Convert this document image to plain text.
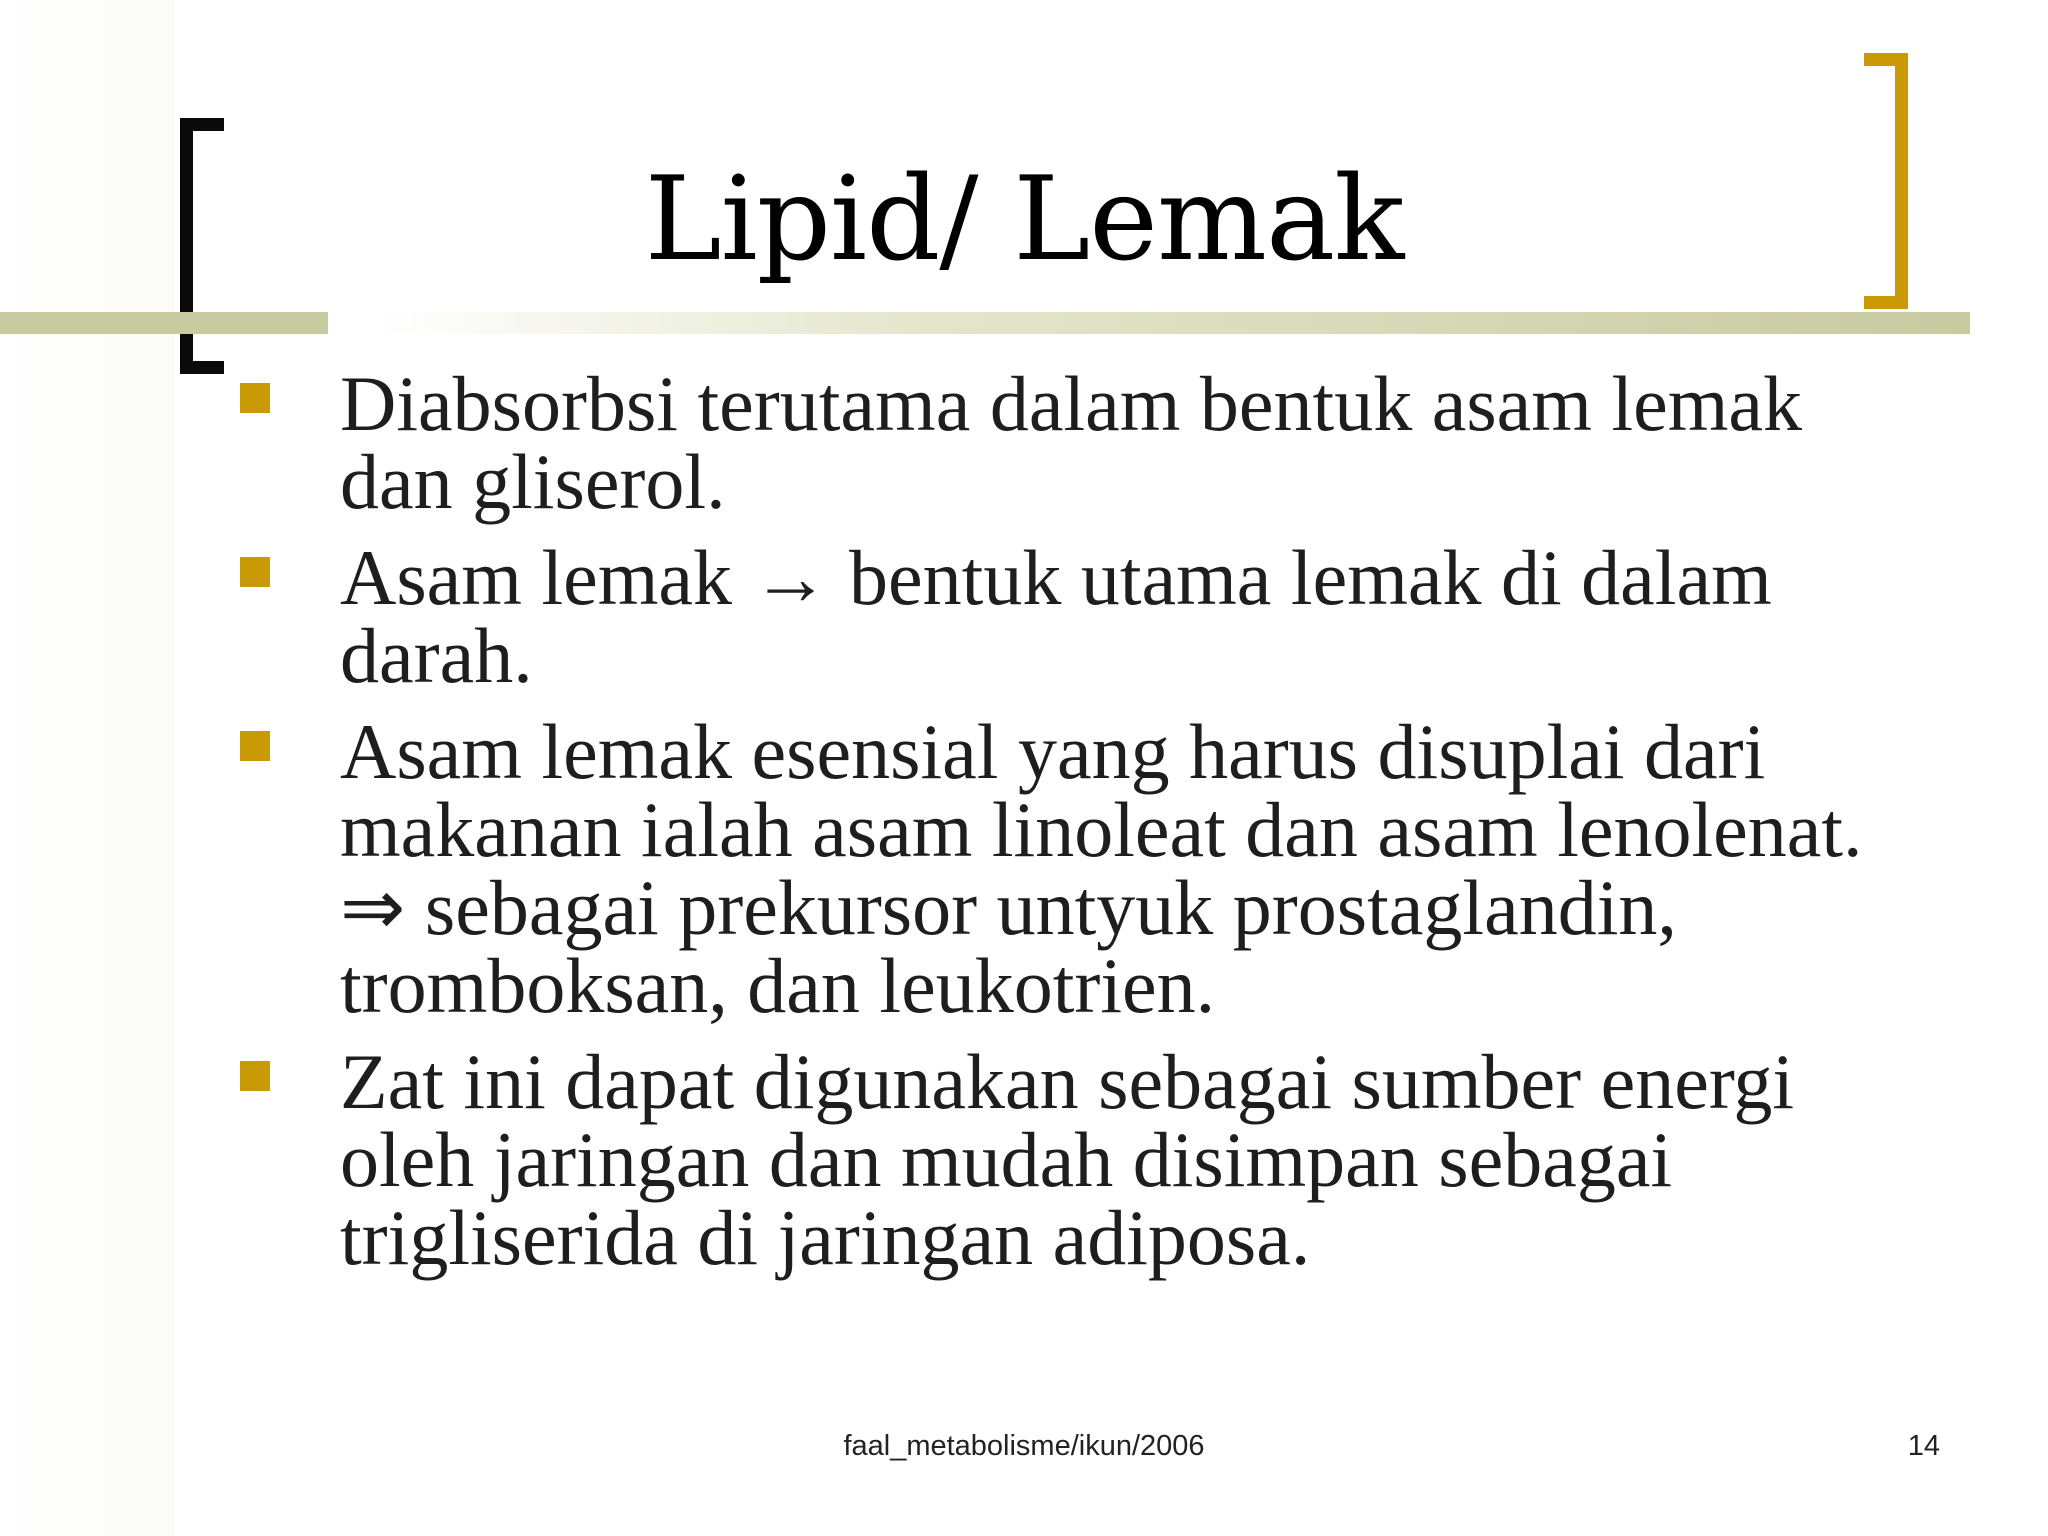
Lipid/ Lemak
Diabsorbsi terutama dalam bentuk asam lemak dan gliserol.
Asam lemak → bentuk utama lemak di dalam darah.
Asam lemak esensial yang harus disuplai dari makanan ialah asam linoleat dan asam lenolenat. ⇒ sebagai prekursor untyuk prostaglandin, tromboksan, dan leukotrien.
Zat ini dapat digunakan sebagai sumber energi oleh jaringan dan mudah disimpan sebagai trigliserida di jaringan adiposa.
faal_metabolisme/ikun/2006	14
